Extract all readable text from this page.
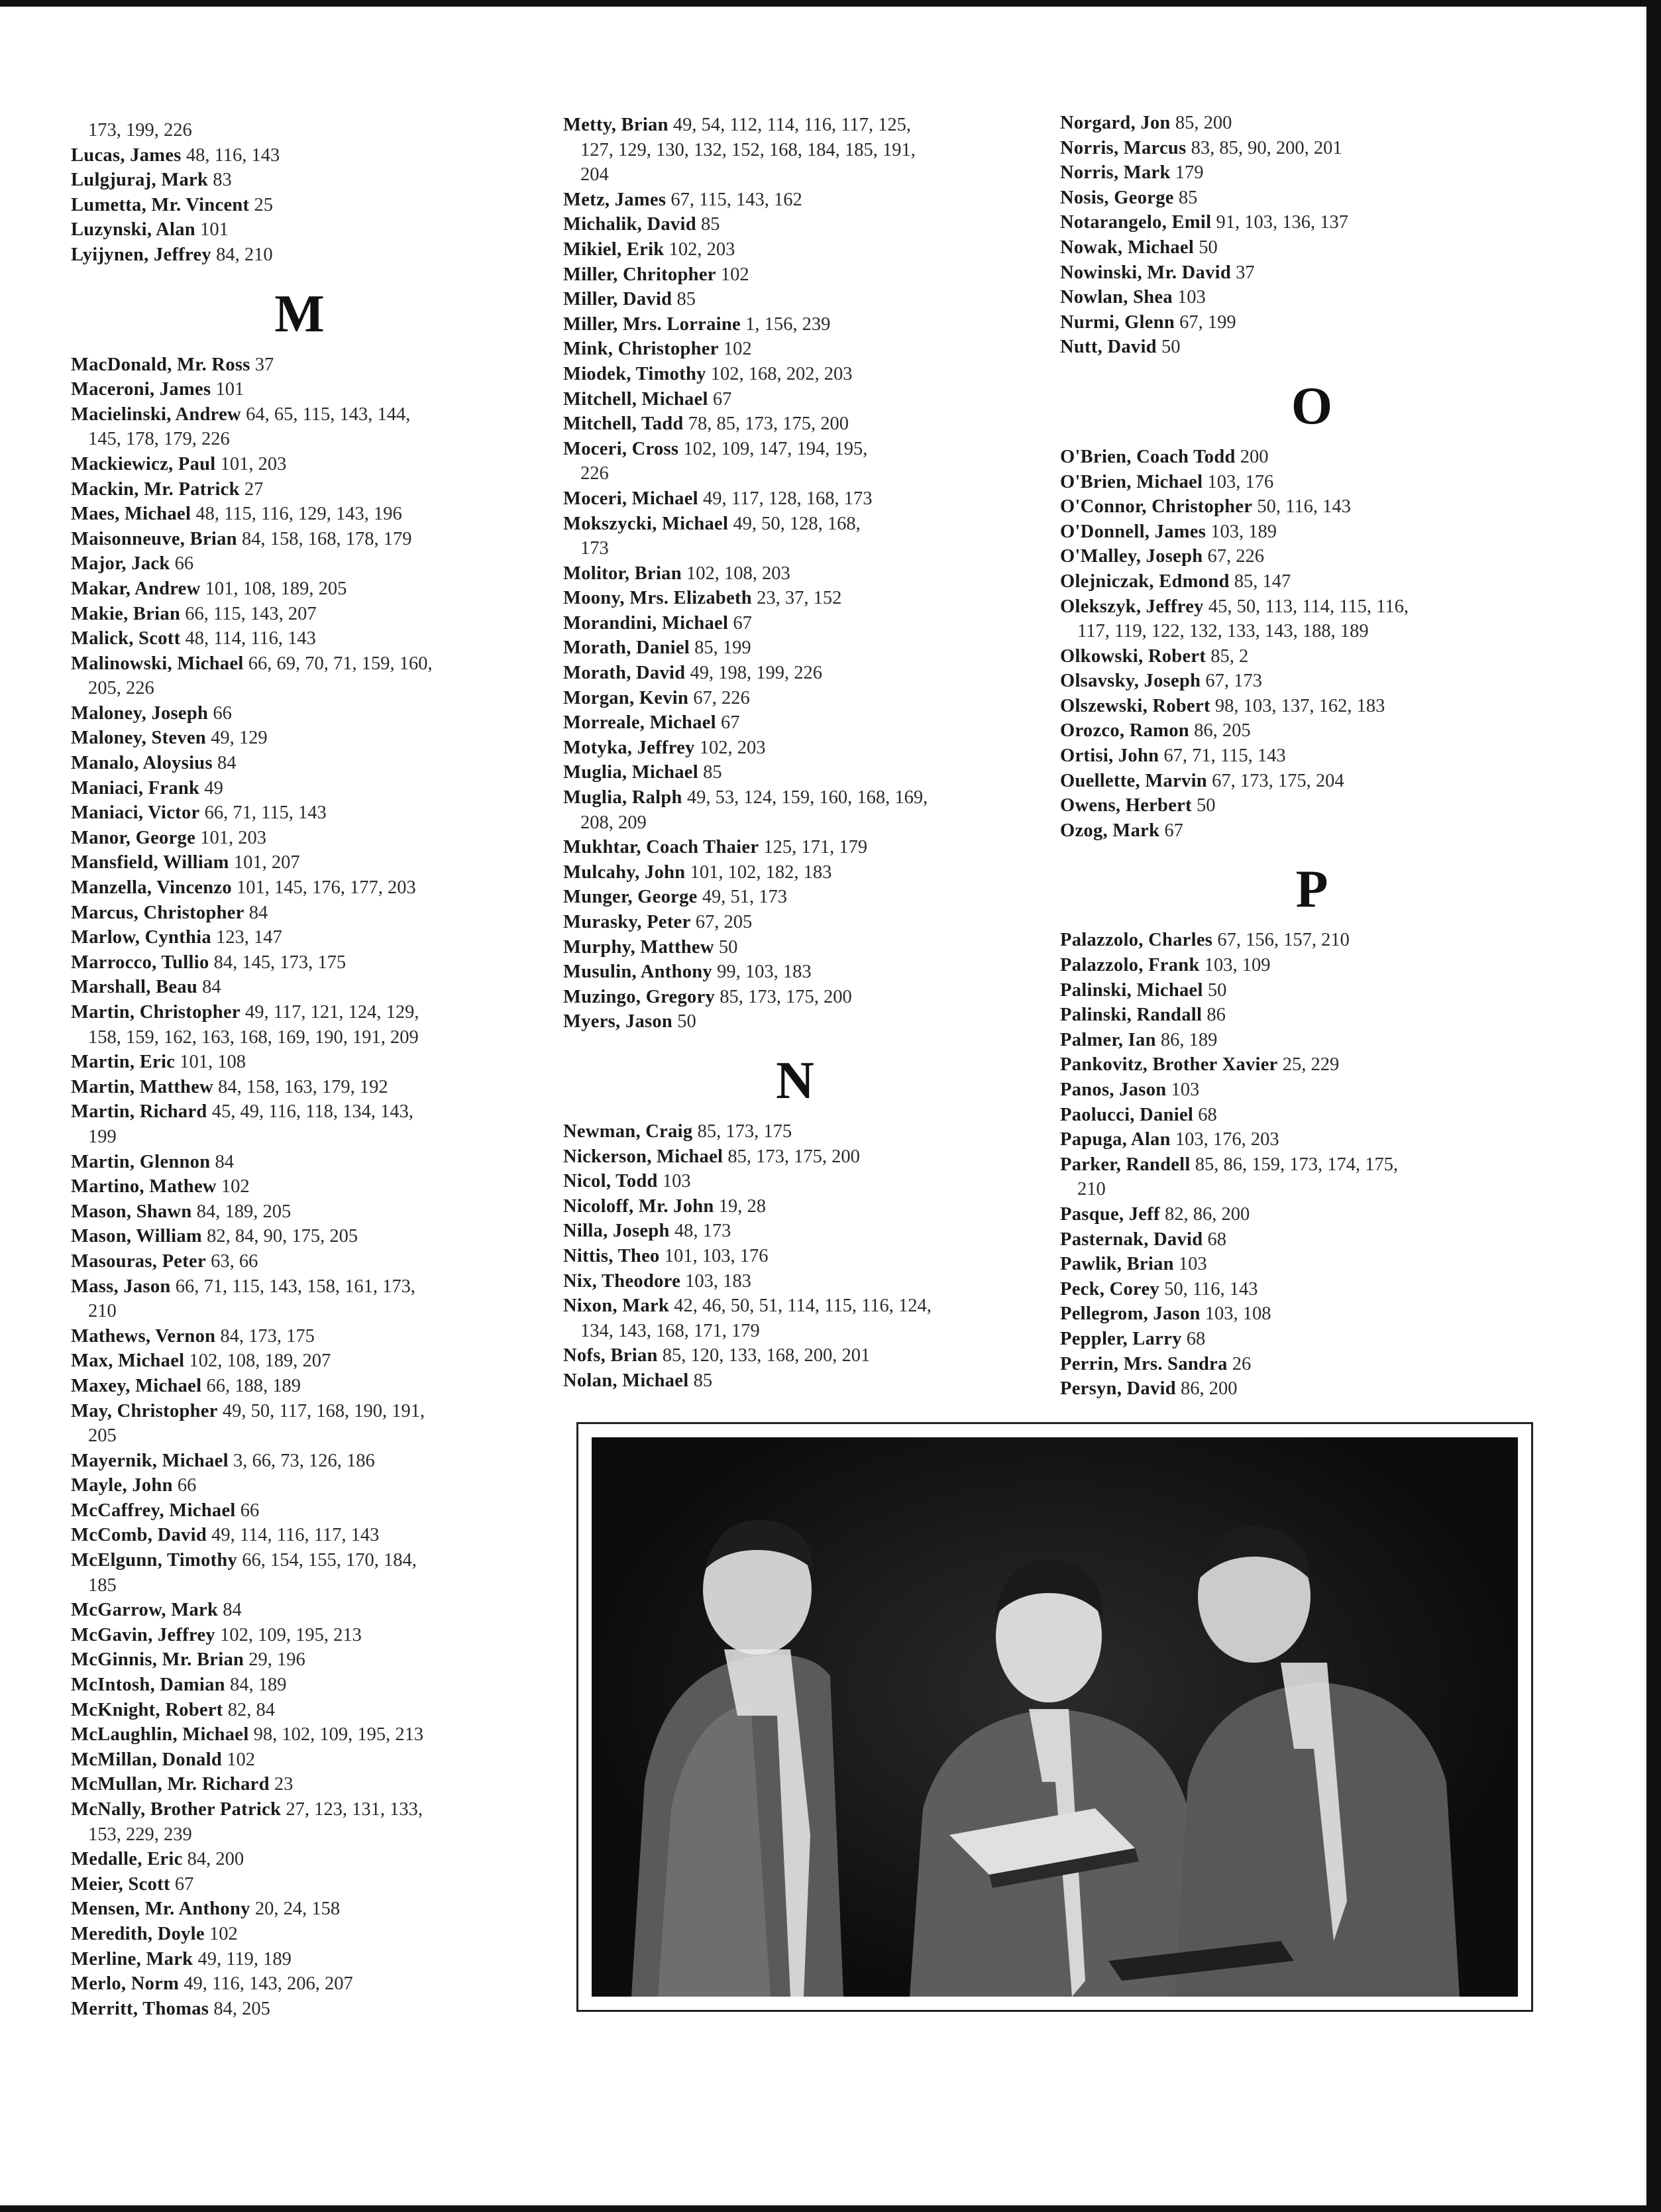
173, 199, 226
Lucas, James 48, 116, 143
Lulgjuraj, Mark 83
Lumetta, Mr. Vincent 25
Luzynski, Alan 101
Lyijynen, Jeffrey 84, 210
M
MacDonald, Mr. Ross 37
Maceroni, James 101
Macielinski, Andrew 64, 65, 115, 143, 144,
145, 178, 179, 226
Mackiewicz, Paul 101, 203
Mackin, Mr. Patrick 27
Maes, Michael 48, 115, 116, 129, 143, 196
Maisonneuve, Brian 84, 158, 168, 178, 179
Major, Jack 66
Makar, Andrew 101, 108, 189, 205
Makie, Brian 66, 115, 143, 207
Malick, Scott 48, 114, 116, 143
Malinowski, Michael 66, 69, 70, 71, 159, 160,
205, 226
Maloney, Joseph 66
Maloney, Steven 49, 129
Manalo, Aloysius 84
Maniaci, Frank 49
Maniaci, Victor 66, 71, 115, 143
Manor, George 101, 203
Mansfield, William 101, 207
Manzella, Vincenzo 101, 145, 176, 177, 203
Marcus, Christopher 84
Marlow, Cynthia 123, 147
Marrocco, Tullio 84, 145, 173, 175
Marshall, Beau 84
Martin, Christopher 49, 117, 121, 124, 129,
158, 159, 162, 163, 168, 169, 190, 191, 209
Martin, Eric 101, 108
Martin, Matthew 84, 158, 163, 179, 192
Martin, Richard 45, 49, 116, 118, 134, 143,
199
Martin, Glennon 84
Martino, Mathew 102
Mason, Shawn 84, 189, 205
Mason, William 82, 84, 90, 175, 205
Masouras, Peter 63, 66
Mass, Jason 66, 71, 115, 143, 158, 161, 173,
210
Mathews, Vernon 84, 173, 175
Max, Michael 102, 108, 189, 207
Maxey, Michael 66, 188, 189
May, Christopher 49, 50, 117, 168, 190, 191,
205
Mayernik, Michael 3, 66, 73, 126, 186
Mayle, John 66
McCaffrey, Michael 66
McComb, David 49, 114, 116, 117, 143
McElgunn, Timothy 66, 154, 155, 170, 184,
185
McGarrow, Mark 84
McGavin, Jeffrey 102, 109, 195, 213
McGinnis, Mr. Brian 29, 196
McIntosh, Damian 84, 189
McKnight, Robert 82, 84
McLaughlin, Michael 98, 102, 109, 195, 213
McMillan, Donald 102
McMullan, Mr. Richard 23
McNally, Brother Patrick 27, 123, 131, 133,
153, 229, 239
Medalle, Eric 84, 200
Meier, Scott 67
Mensen, Mr. Anthony 20, 24, 158
Meredith, Doyle 102
Merline, Mark 49, 119, 189
Merlo, Norm 49, 116, 143, 206, 207
Merritt, Thomas 84, 205
Metty, Brian 49, 54, 112, 114, 116, 117, 125,
127, 129, 130, 132, 152, 168, 184, 185, 191,
204
Metz, James 67, 115, 143, 162
Michalik, David 85
Mikiel, Erik 102, 203
Miller, Chritopher 102
Miller, David 85
Miller, Mrs. Lorraine 1, 156, 239
Mink, Christopher 102
Miodek, Timothy 102, 168, 202, 203
Mitchell, Michael 67
Mitchell, Tadd 78, 85, 173, 175, 200
Moceri, Cross 102, 109, 147, 194, 195,
226
Moceri, Michael 49, 117, 128, 168, 173
Mokszycki, Michael 49, 50, 128, 168,
173
Molitor, Brian 102, 108, 203
Moony, Mrs. Elizabeth 23, 37, 152
Morandini, Michael 67
Morath, Daniel 85, 199
Morath, David 49, 198, 199, 226
Morgan, Kevin 67, 226
Morreale, Michael 67
Motyka, Jeffrey 102, 203
Muglia, Michael 85
Muglia, Ralph 49, 53, 124, 159, 160, 168, 169,
208, 209
Mukhtar, Coach Thaier 125, 171, 179
Mulcahy, John 101, 102, 182, 183
Munger, George 49, 51, 173
Murasky, Peter 67, 205
Murphy, Matthew 50
Musulin, Anthony 99, 103, 183
Muzingo, Gregory 85, 173, 175, 200
Myers, Jason 50
N
Newman, Craig 85, 173, 175
Nickerson, Michael 85, 173, 175, 200
Nicol, Todd 103
Nicoloff, Mr. John 19, 28
Nilla, Joseph 48, 173
Nittis, Theo 101, 103, 176
Nix, Theodore 103, 183
Nixon, Mark 42, 46, 50, 51, 114, 115, 116, 124,
134, 143, 168, 171, 179
Nofs, Brian 85, 120, 133, 168, 200, 201
Nolan, Michael 85
Norgard, Jon 85, 200
Norris, Marcus 83, 85, 90, 200, 201
Norris, Mark 179
Nosis, George 85
Notarangelo, Emil 91, 103, 136, 137
Nowak, Michael 50
Nowinski, Mr. David 37
Nowlan, Shea 103
Nurmi, Glenn 67, 199
Nutt, David 50
O
O'Brien, Coach Todd 200
O'Brien, Michael 103, 176
O'Connor, Christopher 50, 116, 143
O'Donnell, James 103, 189
O'Malley, Joseph 67, 226
Olejniczak, Edmond 85, 147
Olekszyk, Jeffrey 45, 50, 113, 114, 115, 116,
117, 119, 122, 132, 133, 143, 188, 189
Olkowski, Robert 85, 2
Olsavsky, Joseph 67, 173
Olszewski, Robert 98, 103, 137, 162, 183
Orozco, Ramon 86, 205
Ortisi, John 67, 71, 115, 143
Ouellette, Marvin 67, 173, 175, 204
Owens, Herbert 50
Ozog, Mark 67
P
Palazzolo, Charles 67, 156, 157, 210
Palazzolo, Frank 103, 109
Palinski, Michael 50
Palinski, Randall 86
Palmer, Ian 86, 189
Pankovitz, Brother Xavier 25, 229
Panos, Jason 103
Paolucci, Daniel 68
Papuga, Alan 103, 176, 203
Parker, Randell 85, 86, 159, 173, 174, 175,
210
Pasque, Jeff 82, 86, 200
Pasternak, David 68
Pawlik, Brian 103
Peck, Corey 50, 116, 143
Pellegrom, Jason 103, 108
Peppler, Larry 68
Perrin, Mrs. Sandra 26
Persyn, David 86, 200
